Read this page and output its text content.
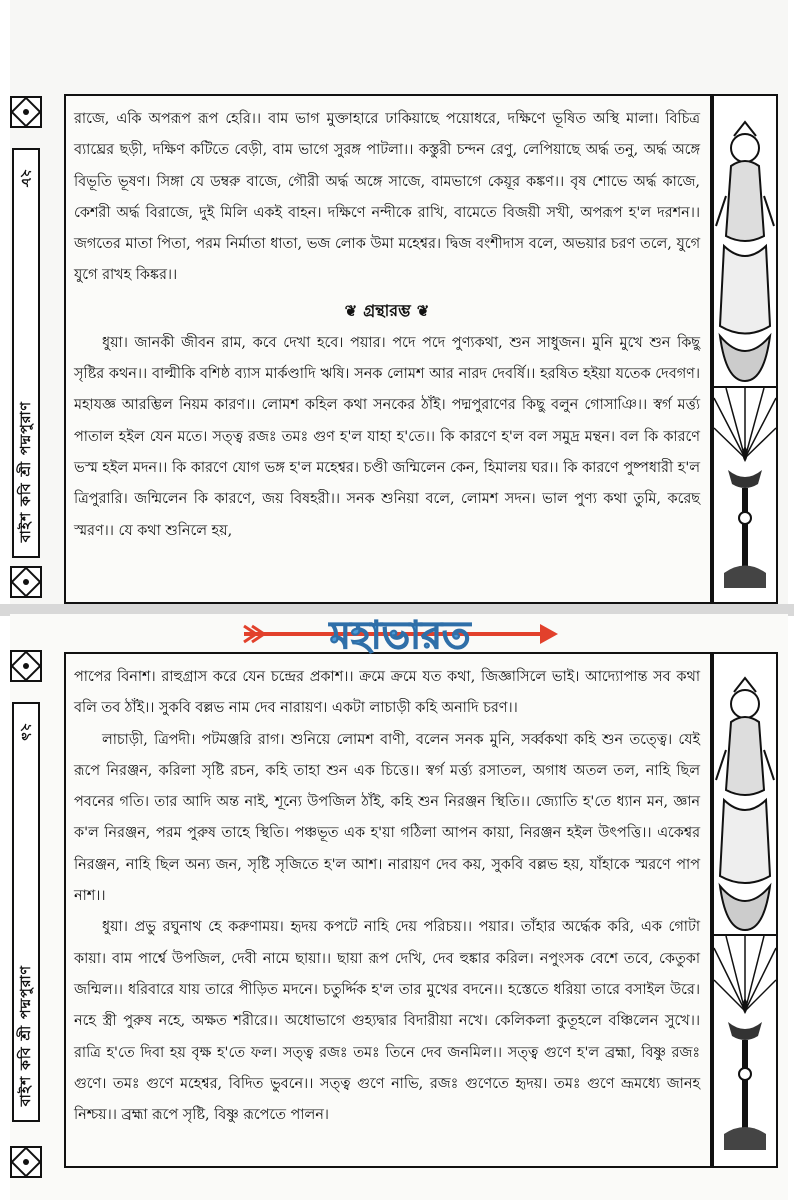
২৮
বাইশ কবি শ্রী পদ্মপুরাণ

রাজে, একি অপরূপ রূপ হেরি।। বাম ভাগ মুক্তাহারে ঢাকিয়াছে পয়োধরে, দক্ষিণে ভূষিত অস্থি মালা। বিচিত্র ব্যাঘ্রের ছড়ী, দক্ষিণ কটিতে বেড়ী, বাম ভাগে সুরঙ্গ পাটলা।। কস্তুরী চন্দন রেণু, লেপিয়াছে অর্দ্ধ তনু, অর্দ্ধ অঙ্গে বিভূতি ভূষণ। সিঙ্গা যে ডম্বরু বাজে, গৌরী অর্দ্ধ অঙ্গে সাজে, বামভাগে কেয়ূর কঙ্কণ।। বৃষ শোভে অর্দ্ধ কাজে, কেশরী অর্দ্ধ বিরাজে, দুই মিলি একই বাহন। দক্ষিণে নন্দীকে রাখি, বামেতে বিজয়ী সখী, অপরূপ হ'ল দরশন।। জগতের মাতা পিতা, পরম নির্মাতা ধাতা, ভজ লোক উমা মহেশ্বর। দ্বিজ বংশীদাস বলে, অভয়ার চরণ তলে, যুগে যুগে রাখহ কিঙ্কর।।

❦ গ্রন্থারম্ভ ❦

ধুয়া। জানকী জীবন রাম, কবে দেখা হবে। পয়ার। পদে পদে পুণ্যকথা, শুন সাধুজন। মুনি মুখে শুন কিছু সৃষ্টির কথন।। বাল্মীকি বশিষ্ঠ ব্যাস মার্কণ্ডাদি ঋষি। সনক লোমশ আর নারদ দেবর্ষি।। হরষিত হইয়া যতেক দেবগণ। মহাযজ্ঞ আরম্ভিল নিয়ম কারণ।। লোমশ কহিল কথা সনকের ঠাঁই। পদ্মপুরাণের কিছু বলুন গোসাঞি।। স্বর্গ মর্ত্ত্য পাতাল হইল যেন মতে। সত্ত্ব রজঃ তমঃ গুণ হ'ল যাহা হ'তে।। কি কারণে হ'ল বল সমুদ্র মন্থন। বল কি কারণে ভস্ম হইল মদন।। কি কারণে যোগ ভঙ্গ হ'ল মহেশ্বর। চণ্ডী জন্মিলেন কেন, হিমালয় ঘর।। কি কারণে পুষ্পধারী হ'ল ত্রিপুরারি। জন্মিলেন কি কারণে, জয় বিষহরী।। সনক শুনিয়া বলে, লোমশ সদন। ভাল পুণ্য কথা তুমি, করেছ স্মরণ।। যে কথা শুনিলে হয়,

২৯
বাইশ কবি শ্রী পদ্মপুরাণ

পাপের বিনাশ। রাহুগ্রাস করে যেন চন্দ্রের প্রকাশ।। ক্রমে ক্রমে যত কথা, জিজ্ঞাসিলে ভাই। আদ্যোপান্ত সব কথা বলি তব ঠাঁই।। সুকবি বল্লভ নাম দেব নারায়ণ। একটা লাচাড়ী কহি অনাদি চরণ।।

লাচাড়ী, ত্রিপদী। পটমঞ্জরি রাগ। শুনিয়ে লোমশ বাণী, বলেন সনক মুনি, সর্ব্বকথা কহি শুন তত্ত্বে। যেই রূপে নিরঞ্জন, করিলা সৃষ্টি রচন, কহি তাহা শুন এক চিত্তে।। স্বর্গ মর্ত্ত্য রসাতল, অগাধ অতল তল, নাহি ছিল পবনের গতি। তার আদি অন্ত নাই, শূন্যে উপজিল ঠাঁই, কহি শুন নিরঞ্জন স্থিতি।। জ্যোতি হ'তে ধ্যান মন, জ্ঞান ক'ল নিরঞ্জন, পরম পুরুষ তাহে স্থিতি। পঞ্চভূত এক হ'য়া গঠিলা আপন কায়া, নিরঞ্জন হইল উৎপত্তি।। একেশ্বর নিরঞ্জন, নাহি ছিল অন্য জন, সৃষ্টি সৃজিতে হ'ল আশ। নারায়ণ দেব কয়, সুকবি বল্লভ হয়, যাঁহাকে স্মরণে পাপ নাশ।।

ধুয়া। প্রভু রঘুনাথ হে করুণাময়। হৃদয় কপটে নাহি দেয় পরিচয়।। পয়ার। তাঁহার অর্দ্ধেক করি, এক গোটা কায়া। বাম পার্শ্বে উপজিল, দেবী নামে ছায়া।। ছায়া রূপ দেখি, দেব হুঙ্কার করিল। নপুংসক বেশে তবে, কেতুকা জন্মিল।। ধরিবারে যায় তারে পীড়িত মদনে। চতুর্দ্দিক হ'ল তার মুখের বদনে।। হস্তেতে ধরিয়া তারে বসাইল উরে। নহে স্ত্রী পুরুষ নহে, অক্ষত শরীরে।। অধোভাগে গুহ্যদ্বার বিদারীয়া নখে। কেলিকলা কুতূহলে বঞ্চিলেন সুখে।। রাত্রি হ'তে দিবা হয় বৃক্ষ হ'তে ফল। সত্ত্ব রজঃ তমঃ তিনে দেব জনমিল।। সত্ত্ব গুণে হ'ল ব্রহ্মা, বিষ্ণু রজঃ গুণে। তমঃ গুণে মহেশ্বর, বিদিত ভুবনে।। সত্ত্ব গুণে নাভি, রজঃ গুণেতে হৃদয়। তমঃ গুণে ভ্রূমধ্যে জানহ নিশ্চয়।। ব্রহ্মা রূপে সৃষ্টি, বিষ্ণু রূপেতে পালন।

মহাভারত
